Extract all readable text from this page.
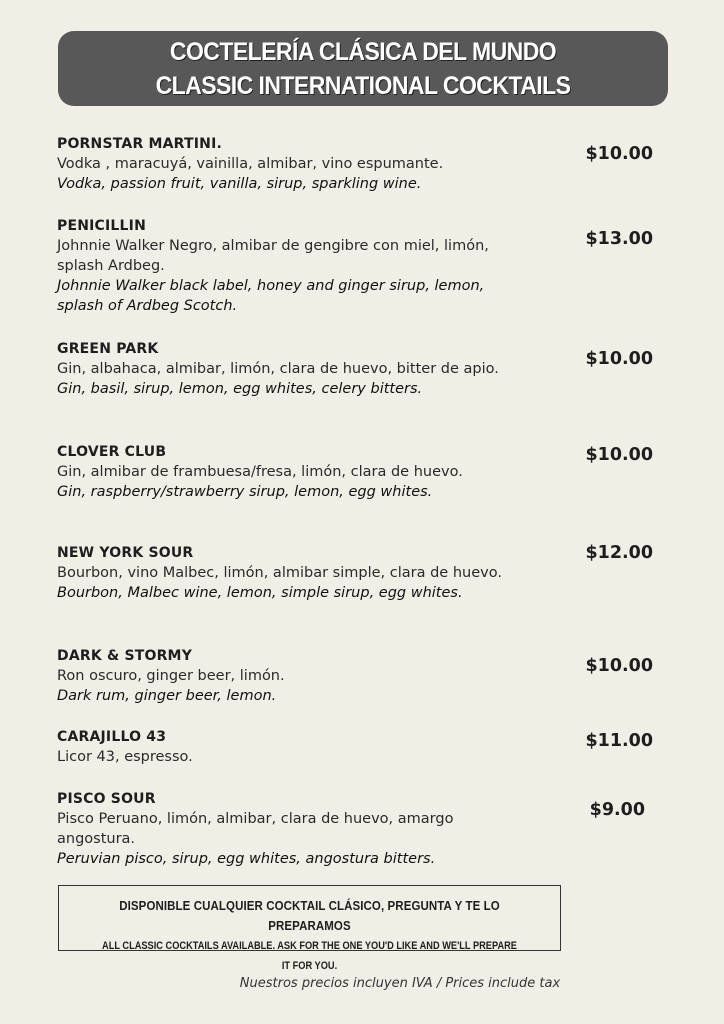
COCTELERÍA CLÁSICA DEL MUNDO
CLASSIC INTERNATIONAL COCKTAILS
PORNSTAR MARTINI.
Vodka , maracuyá, vainilla, almibar, vino espumante.
Vodka, passion fruit, vanilla, sirup, sparkling wine.
$10.00
PENICILLIN
Johnnie Walker Negro, almibar de gengibre con miel, limón, splash Ardbeg.
Johnnie Walker black label, honey and ginger sirup, lemon, splash of Ardbeg Scotch.
$13.00
GREEN PARK
Gin, albahaca, almibar, limón, clara de huevo, bitter de apio.
Gin, basil, sirup, lemon, egg whites, celery bitters.
$10.00
CLOVER CLUB
Gin, almibar de frambuesa/fresa, limón, clara de huevo.
Gin, raspberry/strawberry sirup, lemon, egg whites.
$10.00
NEW YORK SOUR
Bourbon, vino Malbec, limón, almibar simple, clara de huevo.
Bourbon, Malbec wine, lemon, simple sirup, egg whites.
$12.00
DARK & STORMY
Ron oscuro, ginger beer, limón.
Dark rum, ginger beer, lemon.
$10.00
CARAJILLO 43
Licor 43, espresso.
$11.00
PISCO SOUR
Pisco Peruano, limón, almibar, clara de huevo, amargo angostura.
Peruvian pisco, sirup, egg whites, angostura bitters.
$9.00
DISPONIBLE CUALQUIER COCKTAIL CLÁSICO, PREGUNTA Y TE LO PREPARAMOS
ALL CLASSIC COCKTAILS AVAILABLE. ASK FOR THE ONE YOU'D LIKE AND WE'LL PREPARE IT FOR YOU.
Nuestros precios incluyen IVA / Prices include tax
